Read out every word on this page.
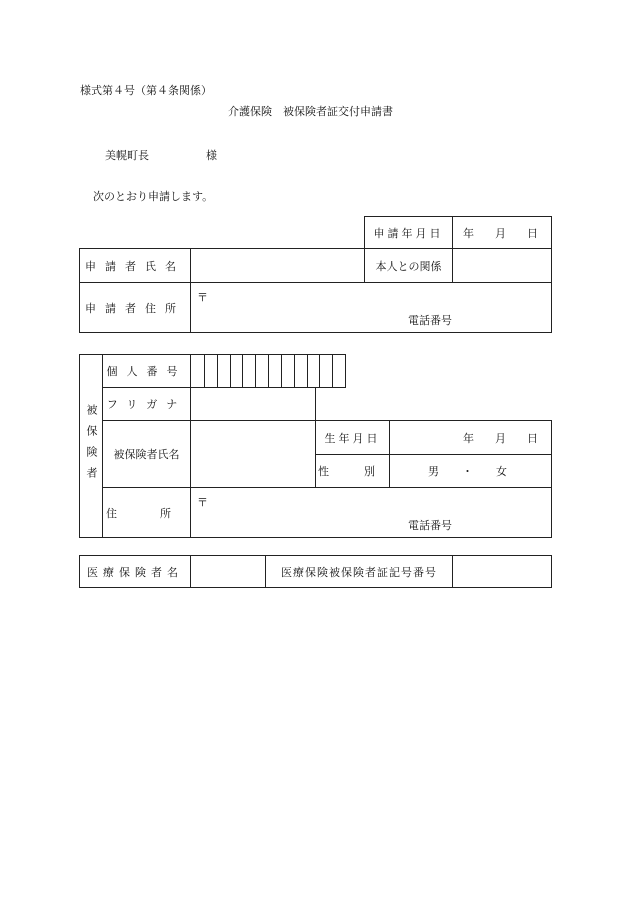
様式第４号（第４条関係）
介護保険　被保険者証交付申請書
美幌町長	様
次のとおり申請します。
申請年月日 年　月　日
申請者氏名	本人との関係
申請者住所
〒
電話番号
被保険者
個人番号
フリガナ
被保険者氏名
生年月日	年　月　日
性　別	男　・　女
住　所
〒
電話番号
医療保険者名	医療保険被保険者証記号番号
